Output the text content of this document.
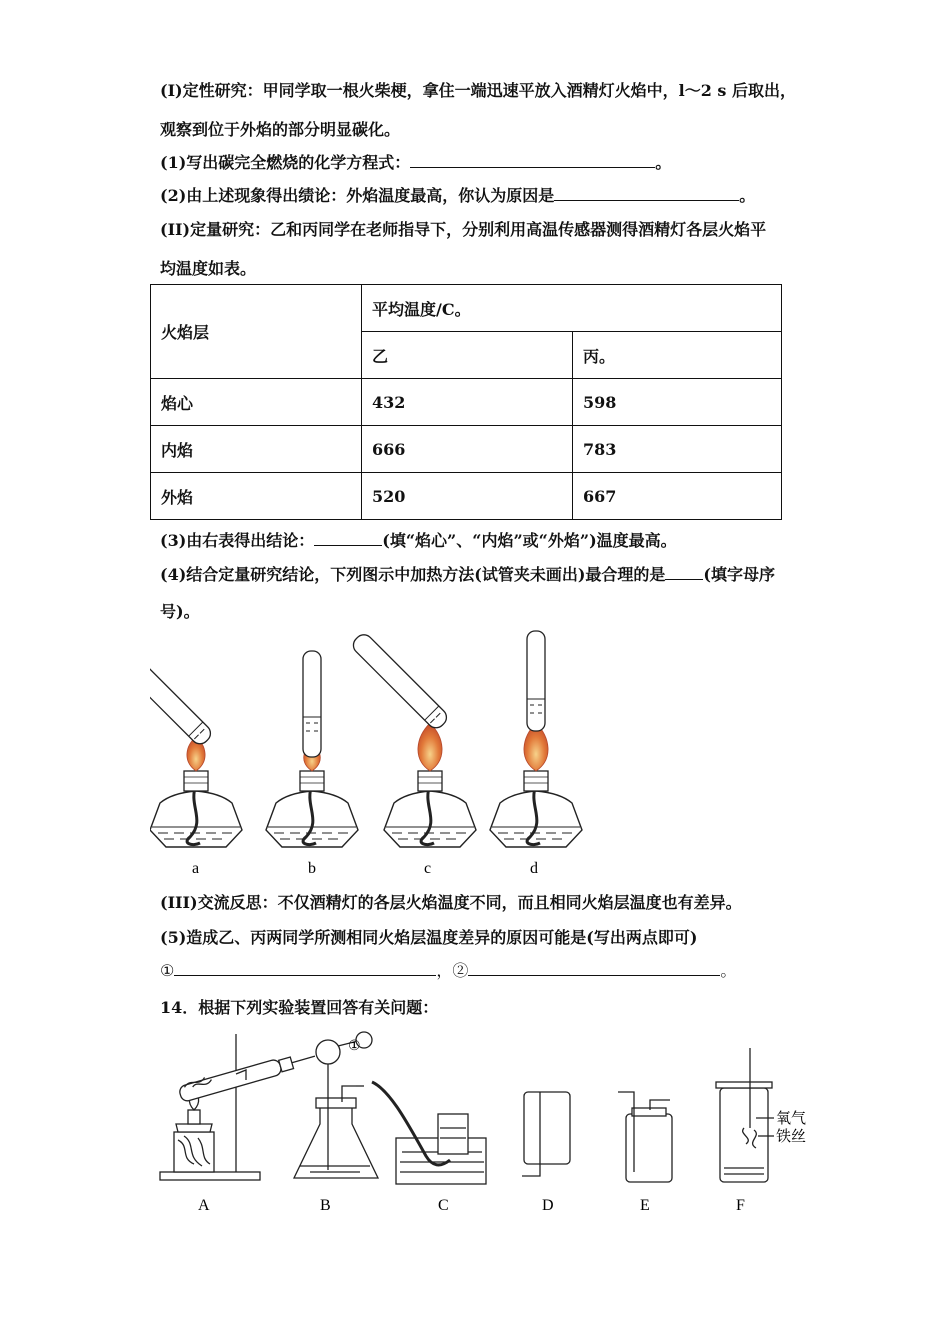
(I)定性研究：甲同学取一根火柴梗，拿住一端迅速平放入酒精灯火焰中，l～2 s 后取出，
观察到位于外焰的部分明显碳化。
(1)写出碳完全燃烧的化学方程式：	。
(2)由上述现象得出绩论：外焰温度最高，你认为原因是	。
(II)定量研究：乙和丙同学在老师指导下，分别利用高温传感器测得酒精灯各层火焰平
均温度如表。
火焰层	平均温度/C。	
	乙	丙。
焰心	432	598
内焰	666	783
外焰	520	667
(3)由右表得出结论：	(填“焰心”、“内焰”或“外焰”)温度最高。
(4)结合定量研究结论，下列图示中加热方法(试管夹未画出)最合理的是 (填字母序
号)。
a	b	c	d
(III)交流反思：不仅酒精灯的各层火焰温度不同，而且相同火焰层温度也有差异。
(5)造成乙、丙两同学所测相同火焰层温度差异的原因可能是(写出两点即可)
①	，②	。
14．根据下列实验装置回答有关问题：
①
氧气
铁丝
A	B	C	D	E	F
